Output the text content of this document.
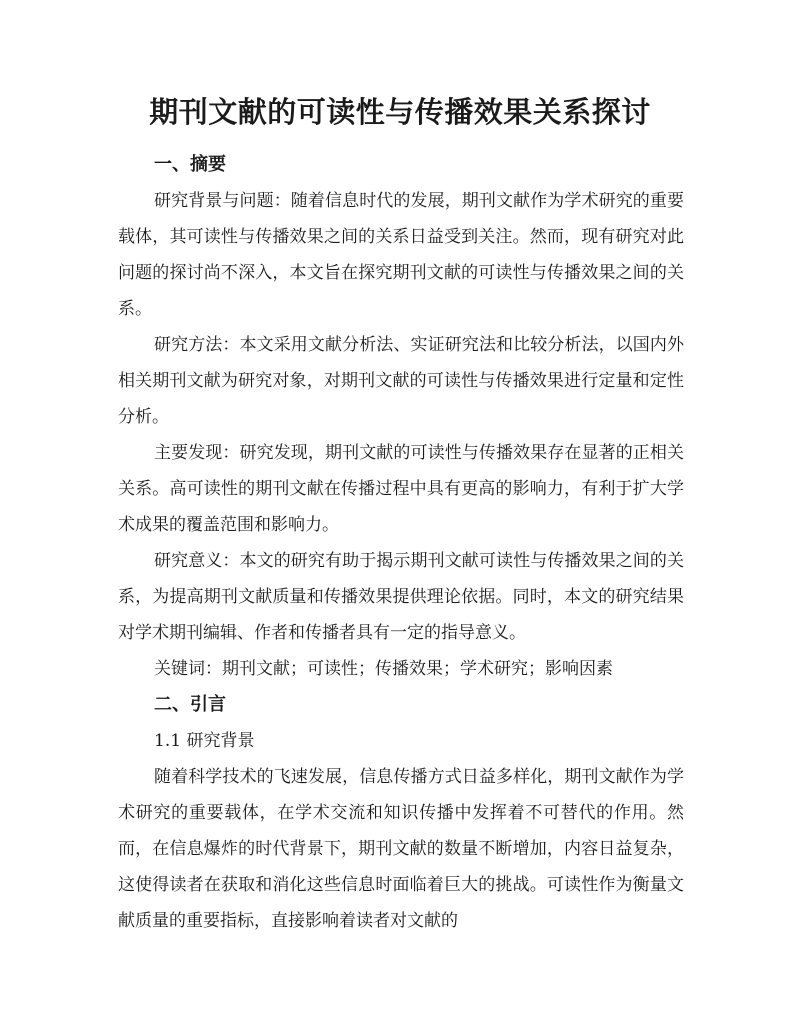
期刊文献的可读性与传播效果关系探讨

一、摘要

研究背景与问题：随着信息时代的发展，期刊文献作为学术研究的重要载体，其可读性与传播效果之间的关系日益受到关注。然而，现有研究对此问题的探讨尚不深入，本文旨在探究期刊文献的可读性与传播效果之间的关系。

研究方法：本文采用文献分析法、实证研究法和比较分析法，以国内外相关期刊文献为研究对象，对期刊文献的可读性与传播效果进行定量和定性分析。

主要发现：研究发现，期刊文献的可读性与传播效果存在显著的正相关关系。高可读性的期刊文献在传播过程中具有更高的影响力，有利于扩大学术成果的覆盖范围和影响力。

研究意义：本文的研究有助于揭示期刊文献可读性与传播效果之间的关系，为提高期刊文献质量和传播效果提供理论依据。同时，本文的研究结果对学术期刊编辑、作者和传播者具有一定的指导意义。

关键词：期刊文献；可读性；传播效果；学术研究；影响因素

二、引言

1.1 研究背景

随着科学技术的飞速发展，信息传播方式日益多样化，期刊文献作为学术研究的重要载体，在学术交流和知识传播中发挥着不可替代的作用。然而，在信息爆炸的时代背景下，期刊文献的数量不断增加，内容日益复杂，这使得读者在获取和消化这些信息时面临着巨大的挑战。可读性作为衡量文献质量的重要指标，直接影响着读者对文献的
